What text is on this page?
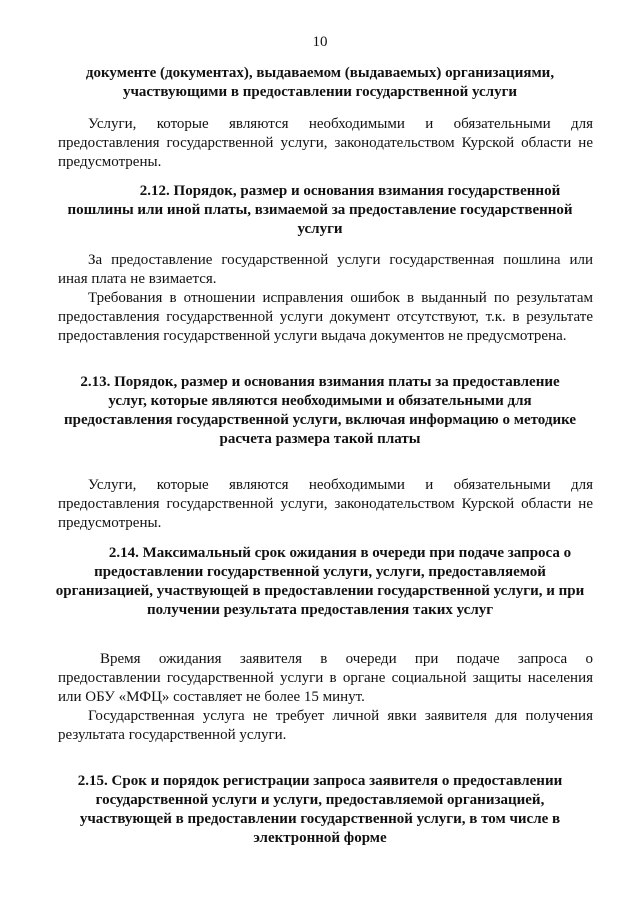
10
документе (документах), выдаваемом (выдаваемых) организациями,
участвующими в предоставлении государственной услуги
Услуги, которые являются необходимыми и обязательными для
предоставления государственной услуги, законодательством Курской области не
предусмотрены.
2.12. Порядок, размер и основания взимания государственной
пошлины или иной платы, взимаемой за предоставление государственной
услуги
За предоставление государственной услуги государственная пошлина или
иная плата не взимается.
Требования в отношении исправления ошибок в выданный по результатам
предоставления государственной услуги документ отсутствуют, т.к. в результате
предоставления государственной услуги выдача документов не предусмотрена.
2.13. Порядок, размер и основания взимания платы за предоставление
услуг, которые являются необходимыми и обязательными для
предоставления государственной услуги, включая информацию о методике
расчета размера такой платы
Услуги, которые являются необходимыми и обязательными для
предоставления государственной услуги, законодательством Курской области не
предусмотрены.
2.14. Максимальный срок ожидания в очереди при подаче запроса о
предоставлении государственной услуги, услуги, предоставляемой
организацией, участвующей в предоставлении государственной услуги, и при
получении результата предоставления таких услуг
Время ожидания заявителя в очереди при подаче запроса о
предоставлении государственной услуги в органе социальной защиты населения
или ОБУ «МФЦ» составляет не более 15 минут.
Государственная услуга не требует личной явки заявителя для получения
результата государственной услуги.
2.15. Срок и порядок регистрации запроса заявителя о предоставлении
государственной услуги и услуги, предоставляемой организацией,
участвующей в предоставлении государственной услуги, в том числе в
электронной форме
